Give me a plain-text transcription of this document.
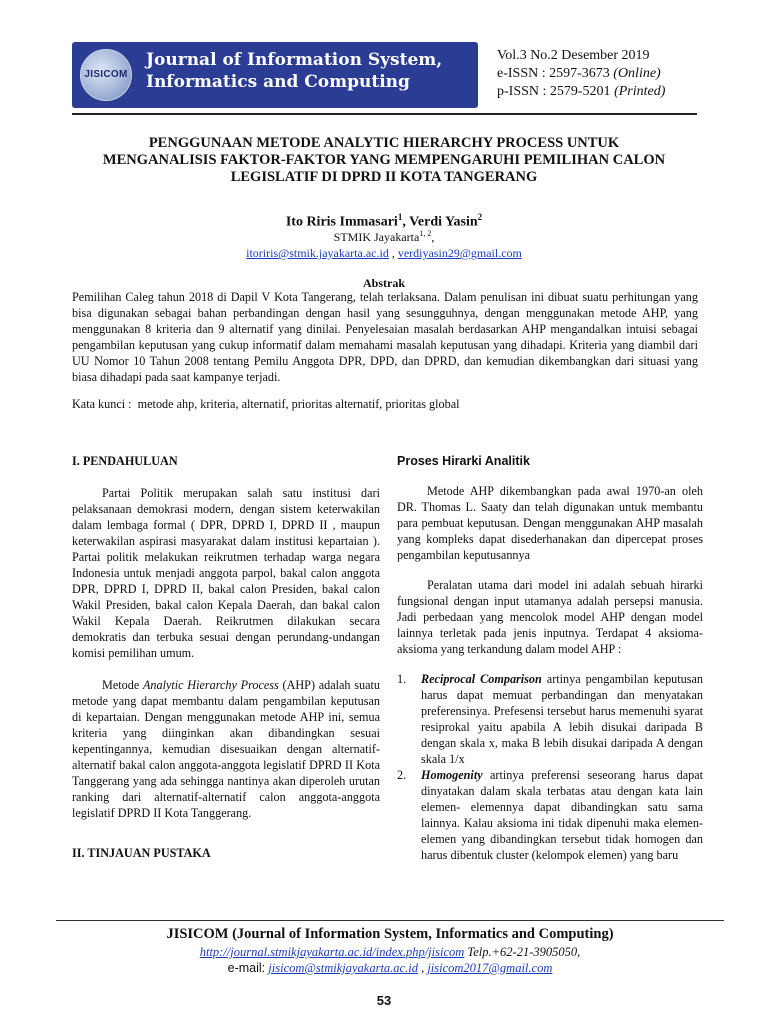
JISICOM
Journal of Information System,
Informatics and Computing
Vol.3 No.2 Desember 2019
e-ISSN : 2597-3673 (Online)
p-ISSN : 2579-5201 (Printed)
PENGGUNAAN METODE ANALYTIC HIERARCHY PROCESS UNTUK
MENGANALISIS FAKTOR-FAKTOR YANG MEMPENGARUHI PEMILIHAN CALON
LEGISLATIF DI DPRD II KOTA TANGERANG
Ito Riris Immasari$^1$, Verdi Yasin$^2$
STMIK Jayakarta$^{1, 2}$,
itoriris@stmik.jayakarta.ac.id , verdiyasin29@gmail.com
Abstrak
Pemilihan Caleg tahun 2018 di Dapil V Kota Tangerang, telah terlaksana. Dalam penulisan ini dibuat suatu perhitungan yang bisa digunakan sebagai bahan perbandingan dengan hasil yang sesungguhnya, dengan menggunakan metode AHP, yang menggunakan 8 kriteria dan 9 alternatif yang dinilai. Penyelesaian masalah berdasarkan AHP mengandalkan intuisi sebagai pengambilan keputusan yang cukup informatif dalam memahami masalah keputusan yang dihadapi. Kriteria yang diambil dari UU Nomor 10 Tahun 2008 tentang Pemilu Anggota DPR, DPD, dan DPRD, dan kemudian dikembangkan dari situasi yang biasa dihadapi pada saat kampanye terjadi.
Kata kunci : metode ahp, kriteria, alternatif, prioritas alternatif, prioritas global
I. PENDAHULUAN

Partai Politik merupakan salah satu institusi dari pelaksanaan demokrasi modern, dengan sistem keterwakilan dalam lembaga formal ( DPR, DPRD I, DPRD II , maupun keterwakilan aspirasi masyarakat dalam institusi kepartaian ). Partai politik melakukan reikrutmen terhadap warga negara Indonesia untuk menjadi anggota parpol, bakal calon anggota DPR, DPRD I, DPRD II, bakal calon Presiden, bakal calon Wakil Presiden, bakal calon Kepala Daerah, dan bakal calon Wakil Kepala Daerah. Reikrutmen dilakukan secara demokratis dan terbuka sesuai dengan perundang-undangan komisi pemilihan umum.

Metode Analytic Hierarchy Process (AHP) adalah suatu metode yang dapat membantu dalam pengambilan keputusan di kepartaian. Dengan menggunakan metode AHP ini, semua kriteria yang diinginkan akan dibandingkan sesuai kepentingannya, kemudian disesuaikan dengan alternatif-alternatif bakal calon anggota-anggota legislatif DPRD II Kota Tanggerang yang ada sehingga nantinya akan diperoleh urutan ranking dari alternatif-alternatif calon anggota-anggota legislatif DPRD II Kota Tanggerang.

II. TINJAUAN PUSTAKA
Proses Hirarki Analitik

Metode AHP dikembangkan pada awal 1970-an oleh DR. Thomas L. Saaty dan telah digunakan untuk membantu para pembuat keputusan. Dengan menggunakan AHP masalah yang kompleks dapat disederhanakan dan dipercepat proses pengambilan keputusannya

Peralatan utama dari model ini adalah sebuah hirarki fungsional dengan input utamanya adalah persepsi manusia. Jadi perbedaan yang mencolok model AHP dengan model lainnya terletak pada jenis inputnya. Terdapat 4 aksioma-aksioma yang terkandung dalam model AHP :

1. Reciprocal Comparison artinya pengambilan keputusan harus dapat memuat perbandingan dan menyatakan preferensinya. Prefesensi tersebut harus memenuhi syarat resiprokal yaitu apabila A lebih disukai daripada B dengan skala x, maka B lebih disukai daripada A dengan skala 1/x
2. Homogenity artinya preferensi seseorang harus dapat dinyatakan dalam skala terbatas atau dengan kata lain elemen- elemennya dapat dibandingkan satu sama lainnya. Kalau aksioma ini tidak dipenuhi maka elemen- elemen yang dibandingkan tersebut tidak homogen dan harus dibentuk cluster (kelompok elemen) yang baru
JISICOM (Journal of Information System, Informatics and Computing)
http://journal.stmikjayakarta.ac.id/index.php/jisicom Telp.+62-21-3905050,
e-mail: jisicom@stmikjayakarta.ac.id , jisicom2017@gmail.com
53
